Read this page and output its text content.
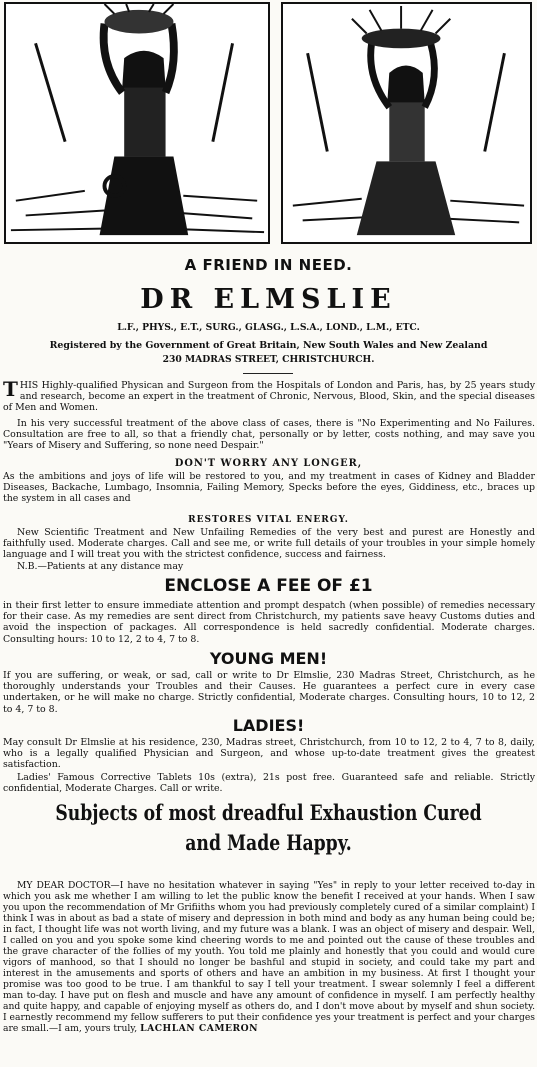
A FRIEND IN NEED.
DR ELMSLIE
L.F., PHYS., E.T., SURG., GLASG., L.S.A., LOND., L.M., ETC.
Registered by the Government of Great Britain, New South Wales and New Zealand
230 MADRAS STREET, CHRISTCHURCH.
T HIS Highly-qualified Physican and Surgeon from the Hospitals of London and Paris, has, by 25 years study and research, become an expert in the treatment of Chronic, Nervous, Blood, Skin, and the special diseases of Men and Women.
In his very successful treatment of the above class of cases, there is "No Experimenting and No Failures. Consultation are free to all, so that a friendly chat, personally or by letter, costs nothing, and may save you "Years of Misery and Suffering, so none need Despair."
DON'T WORRY ANY LONGER,
As the ambitions and joys of life will be restored to you, and my treatment in cases of Kidney and Bladder Diseases, Backache, Lumbago, Insomnia, Failing Memory, Specks before the eyes, Giddiness, etc., braces up the system in all cases and
RESTORES VITAL ENERGY.
New Scientific Treatment and New Unfailing Remedies of the very best and purest are Honestly and faithfully used. Moderate charges. Call and see me, or write full details of your troubles in your simple homely language and I will treat you with the strictest confidence, success and fairness.
N.B.—Patients at any distance may
ENCLOSE A FEE OF £1
in their first letter to ensure immediate attention and prompt despatch (when possible) of remedies necessary for their case. As my remedies are sent direct from Christchurch, my patients save heavy Customs duties and avoid the inspection of packages. All correspondence is held sacredly confidential. Moderate charges. Consulting hours: 10 to 12, 2 to 4, 7 to 8.
YOUNG MEN!
If you are suffering, or weak, or sad, call or write to Dr Elmslie, 230 Madras Street, Christchurch, as he thoroughly understands your Troubles and their Causes. He guarantees a perfect cure in every case undertaken, or he will make no charge. Strictly confidential, Moderate charges. Consulting hours, 10 to 12, 2 to 4, 7 to 8.
LADIES!
May consult Dr Elmslie at his residence, 230, Madras street, Christchurch, from 10 to 12, 2 to 4, 7 to 8, daily, who is a legally qualified Physician and Surgeon, and whose up-to-date treatment gives the greatest satisfaction.
Ladies' Famous Corrective Tablets 10s (extra), 21s post free. Guaranteed safe and reliable. Strictly confidential, Moderate Charges. Call or write.
Subjects of most dreadful Exhaustion Cured and Made Happy.
MY DEAR DOCTOR—I have no hesitation whatever in saying "Yes" in reply to your letter received to-day in which you ask me whether I am willing to let the public know the benefit I received at your hands. When I saw you upon the recommendation of Mr Grifiiths whom you had previously completely cured of a similar complaint) I think I was in about as bad a state of misery and depression in both mind and body as any human being could be; in fact, I thought life was not worth living, and my future was a blank. I was an object of misery and despair. Well, I called on you and you spoke some kind cheering words to me and pointed out the cause of these troubles and the grave character of the follies of my youth. You told me plainly and honestly that you could and would cure vigors of manhood, so that I should no longer be bashful and stupid in society, and could take my part and interest in the amusements and sports of others and have an ambition in my business. At first I thought your promise was too good to be true. I am thankful to say I tell your treatment. I swear solemnly I feel a different man to-day. I have put on flesh and muscle and have any amount of confidence in myself. I am perfectly healthy and quite happy, and capable of enjoying myself as others do, and I don't move about by myself and shun society. I earnestly recommend my fellow sufferers to put their confidence yes your treatment is perfect and your charges are small.—I am, yours truly, LACHLAN CAMERON
